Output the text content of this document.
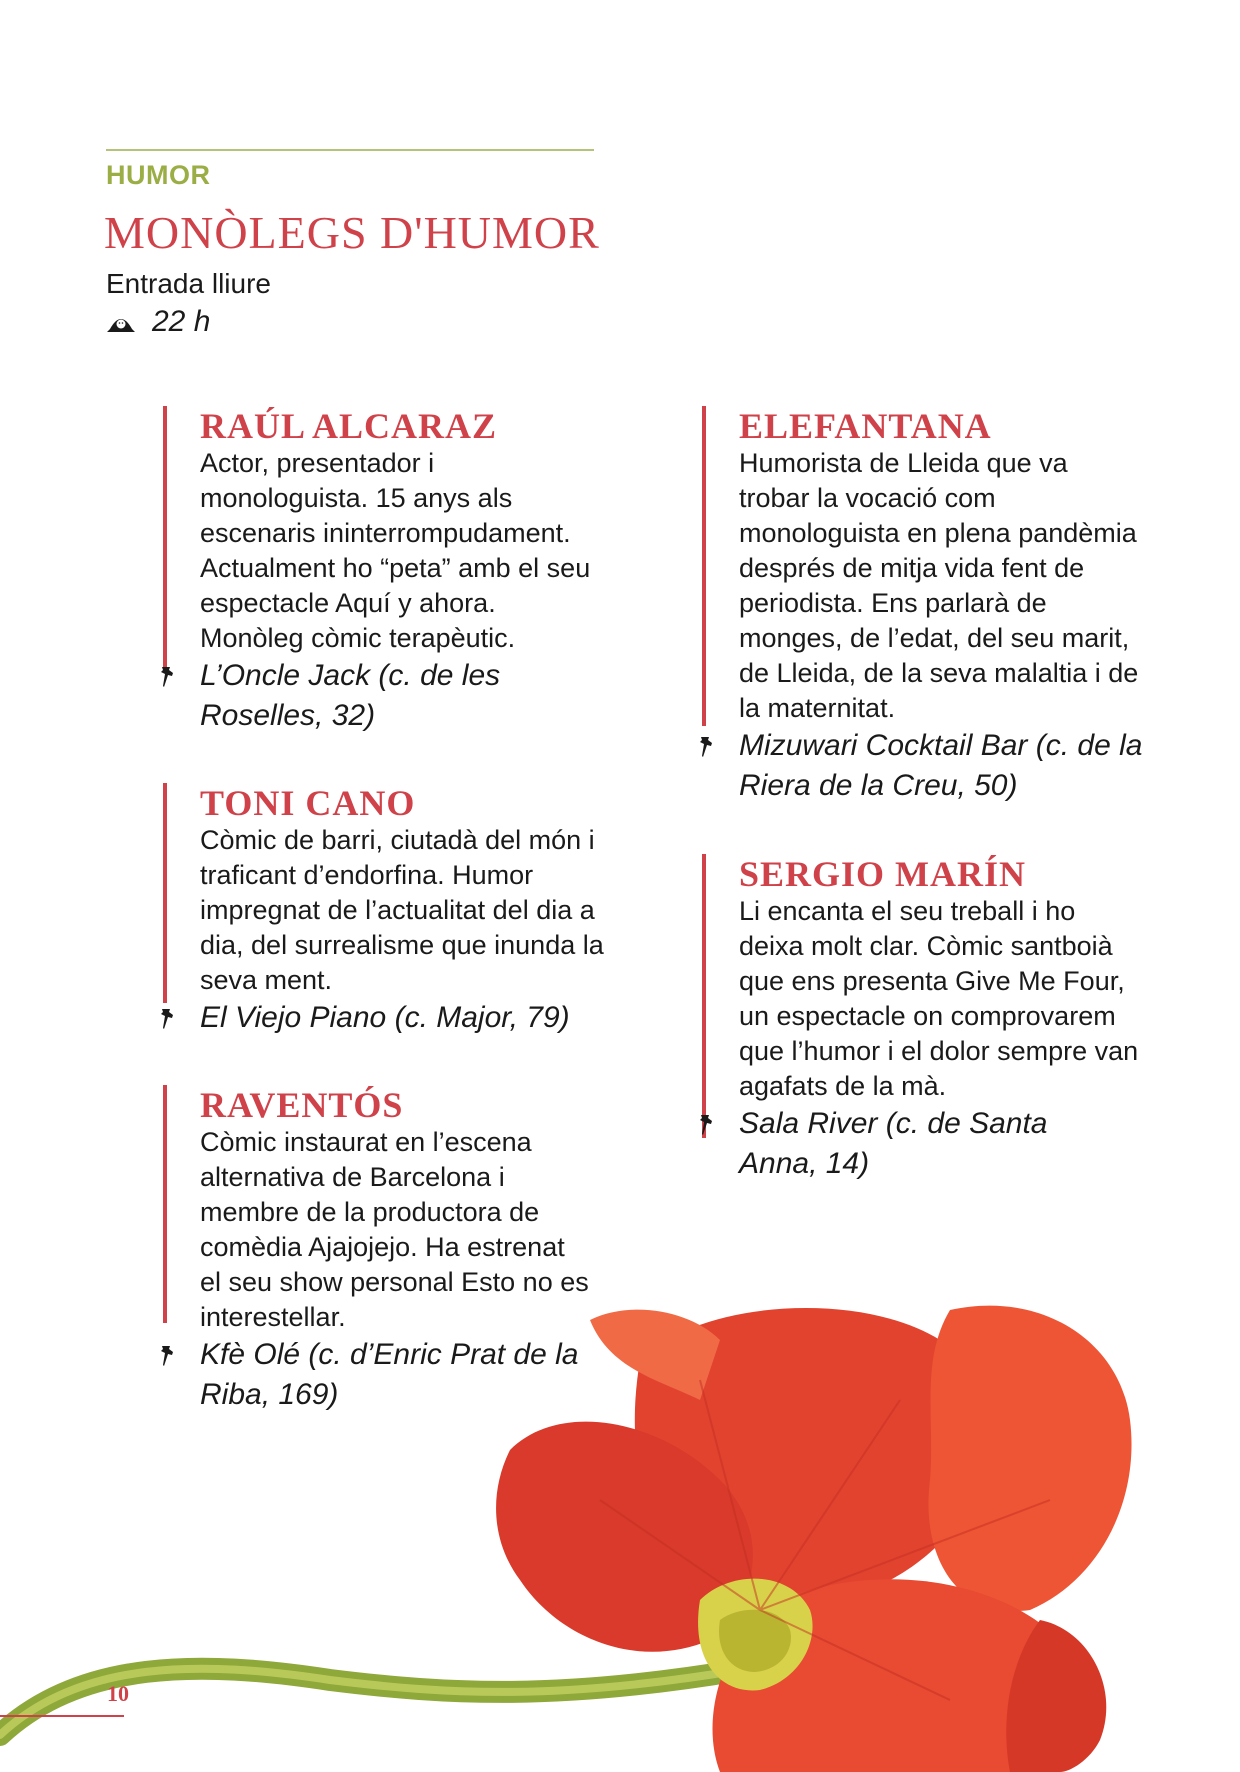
HUMOR
MONÒLEGS D'HUMOR
Entrada lliure
22 h
RAÚL ALCARAZ
Actor, presentador i monologuista. 15 anys als escenaris ininterrompudament. Actualment ho “peta” amb el seu espectacle Aquí y ahora. Monòleg còmic terapèutic.
L’Oncle Jack (c. de les Roselles, 32)
TONI CANO
Còmic de barri, ciutadà del món i traficant d’endorfina. Humor impregnat de l’actualitat del dia a dia, del surrealisme que inunda la seva ment.
El Viejo Piano (c. Major, 79)
RAVENTÓS
Còmic instaurat en l’escena alternativa de Barcelona i membre de la productora de comèdia Ajajojejo. Ha estrenat el seu show personal Esto no es interestellar.
Kfè Olé (c. d’Enric Prat de la Riba, 169)
ELEFANTANA
Humorista de Lleida que va trobar la vocació com monologuista en plena pandèmia després de mitja vida fent de periodista. Ens parlarà de monges, de l’edat, del seu marit, de Lleida, de la seva malaltia i de la maternitat.
Mizuwari Cocktail Bar (c. de la Riera de la Creu, 50)
SERGIO MARÍN
Li encanta el seu treball i ho deixa molt clar. Còmic santboià que ens presenta Give Me Four, un espectacle on comprovarem que l’humor i el dolor sempre van agafats de la mà.
Sala River (c. de Santa Anna, 14)
10
